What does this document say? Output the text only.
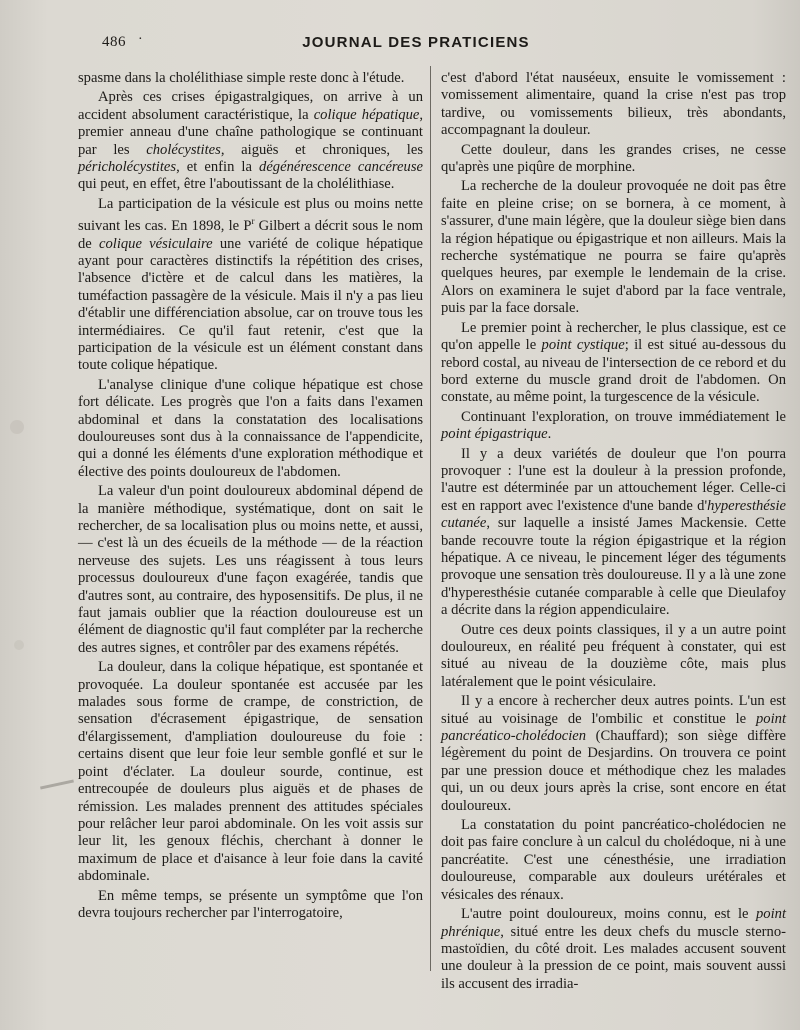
486 ·	JOURNAL DES PRATICIENS

spasme dans la cholélithiase simple reste donc à l'étude.

Après ces crises épigastralgiques, on arrive à un accident absolument caractéristique, la colique hépatique, premier anneau d'une chaîne pathologique se continuant par les cholécystites, aiguës et chroniques, les péricholécystites, et enfin la dégénérescence cancéreuse qui peut, en effet, être l'aboutissant de la cholélithiase.

La participation de la vésicule est plus ou moins nette suivant les cas. En 1898, le $P^r$ Gilbert a décrit sous le nom de colique vésiculaire une variété de colique hépatique ayant pour caractères distinctifs la répétition des crises, l'absence d'ictère et de calcul dans les matières, la tuméfaction passagère de la vésicule. Mais il n'y a pas lieu d'établir une différenciation absolue, car on trouve tous les intermédiaires. Ce qu'il faut retenir, c'est que la participation de la vésicule est un élément constant dans toute colique hépatique.

L'analyse clinique d'une colique hépatique est chose fort délicate. Les progrès que l'on a faits dans l'examen abdominal et dans la constatation des localisations douloureuses sont dus à la connaissance de l'appendicite, qui a donné les éléments d'une exploration méthodique et élective des points douloureux de l'abdomen.

La valeur d'un point douloureux abdominal dépend de la manière méthodique, systématique, dont on sait le rechercher, de sa localisation plus ou moins nette, et aussi, — c'est là un des écueils de la méthode — de la réaction nerveuse des sujets. Les uns réagissent à tous leurs processus douloureux d'une façon exagérée, tandis que d'autres sont, au contraire, des hyposensitifs. De plus, il ne faut jamais oublier que la réaction douloureuse est un élément de diagnostic qu'il faut compléter par la recherche des autres signes, et contrôler par des examens répétés.

La douleur, dans la colique hépatique, est spontanée et provoquée. La douleur spontanée est accusée par les malades sous forme de crampe, de constriction, de sensation d'écrasement épigastrique, de sensation d'élargissement, d'ampliation douloureuse du foie : certains disent que leur foie leur semble gonflé et sur le point d'éclater. La douleur sourde, continue, est entrecoupée de douleurs plus aiguës et de phases de rémission. Les malades prennent des attitudes spéciales pour relâcher leur paroi abdominale. On les voit assis sur leur lit, les genoux fléchis, cherchant à donner le maximum de place et d'aisance à leur foie dans la cavité abdominale.

En même temps, se présente un symptôme que l'on devra toujours rechercher par l'interrogatoire,

c'est d'abord l'état nauséeux, ensuite le vomissement : vomissement alimentaire, quand la crise n'est pas trop tardive, ou vomissements bilieux, très abondants, accompagnant la douleur.

Cette douleur, dans les grandes crises, ne cesse qu'après une piqûre de morphine.

La recherche de la douleur provoquée ne doit pas être faite en pleine crise; on se bornera, à ce moment, à s'assurer, d'une main légère, que la douleur siège bien dans la région hépatique ou épigastrique et non ailleurs. Mais la recherche systématique ne pourra se faire qu'après quelques heures, par exemple le lendemain de la crise. Alors on examinera le sujet d'abord par la face ventrale, puis par la face dorsale.

Le premier point à rechercher, le plus classique, est ce qu'on appelle le point cystique; il est situé au-dessous du rebord costal, au niveau de l'intersection de ce rebord et du bord externe du muscle grand droit de l'abdomen. On constate, au même point, la turgescence de la vésicule.

Continuant l'exploration, on trouve immédiatement le point épigastrique.

Il y a deux variétés de douleur que l'on pourra provoquer : l'une est la douleur à la pression profonde, l'autre est déterminée par un attouchement léger. Celle-ci est en rapport avec l'existence d'une bande d'hyperesthésie cutanée, sur laquelle a insisté James Mackensie. Cette bande recouvre toute la région épigastrique et la région hépatique. A ce niveau, le pincement léger des téguments provoque une sensation très douloureuse. Il y a là une zone d'hyperesthésie cutanée comparable à celle que Dieulafoy a décrite dans la région appendiculaire.

Outre ces deux points classiques, il y a un autre point douloureux, en réalité peu fréquent à constater, qui est situé au niveau de la douzième côte, mais plus latéralement que le point vésiculaire.

Il y a encore à rechercher deux autres points. L'un est situé au voisinage de l'ombilic et constitue le point pancréatico-cholédocien (Chauffard); son siège diffère légèrement du point de Desjardins. On trouvera ce point par une pression douce et méthodique chez les malades qui, un ou deux jours après la crise, sont encore en état douloureux.

La constatation du point pancréatico-cholédocien ne doit pas faire conclure à un calcul du cholédoque, ni à une pancréatite. C'est une cénesthésie, une irradiation douloureuse, comparable aux douleurs urétérales et vésicales des rénaux.

L'autre point douloureux, moins connu, est le point phrénique, situé entre les deux chefs du muscle sterno-mastoïdien, du côté droit. Les malades accusent souvent une douleur à la pression de ce point, mais souvent aussi ils accusent des irradia-
